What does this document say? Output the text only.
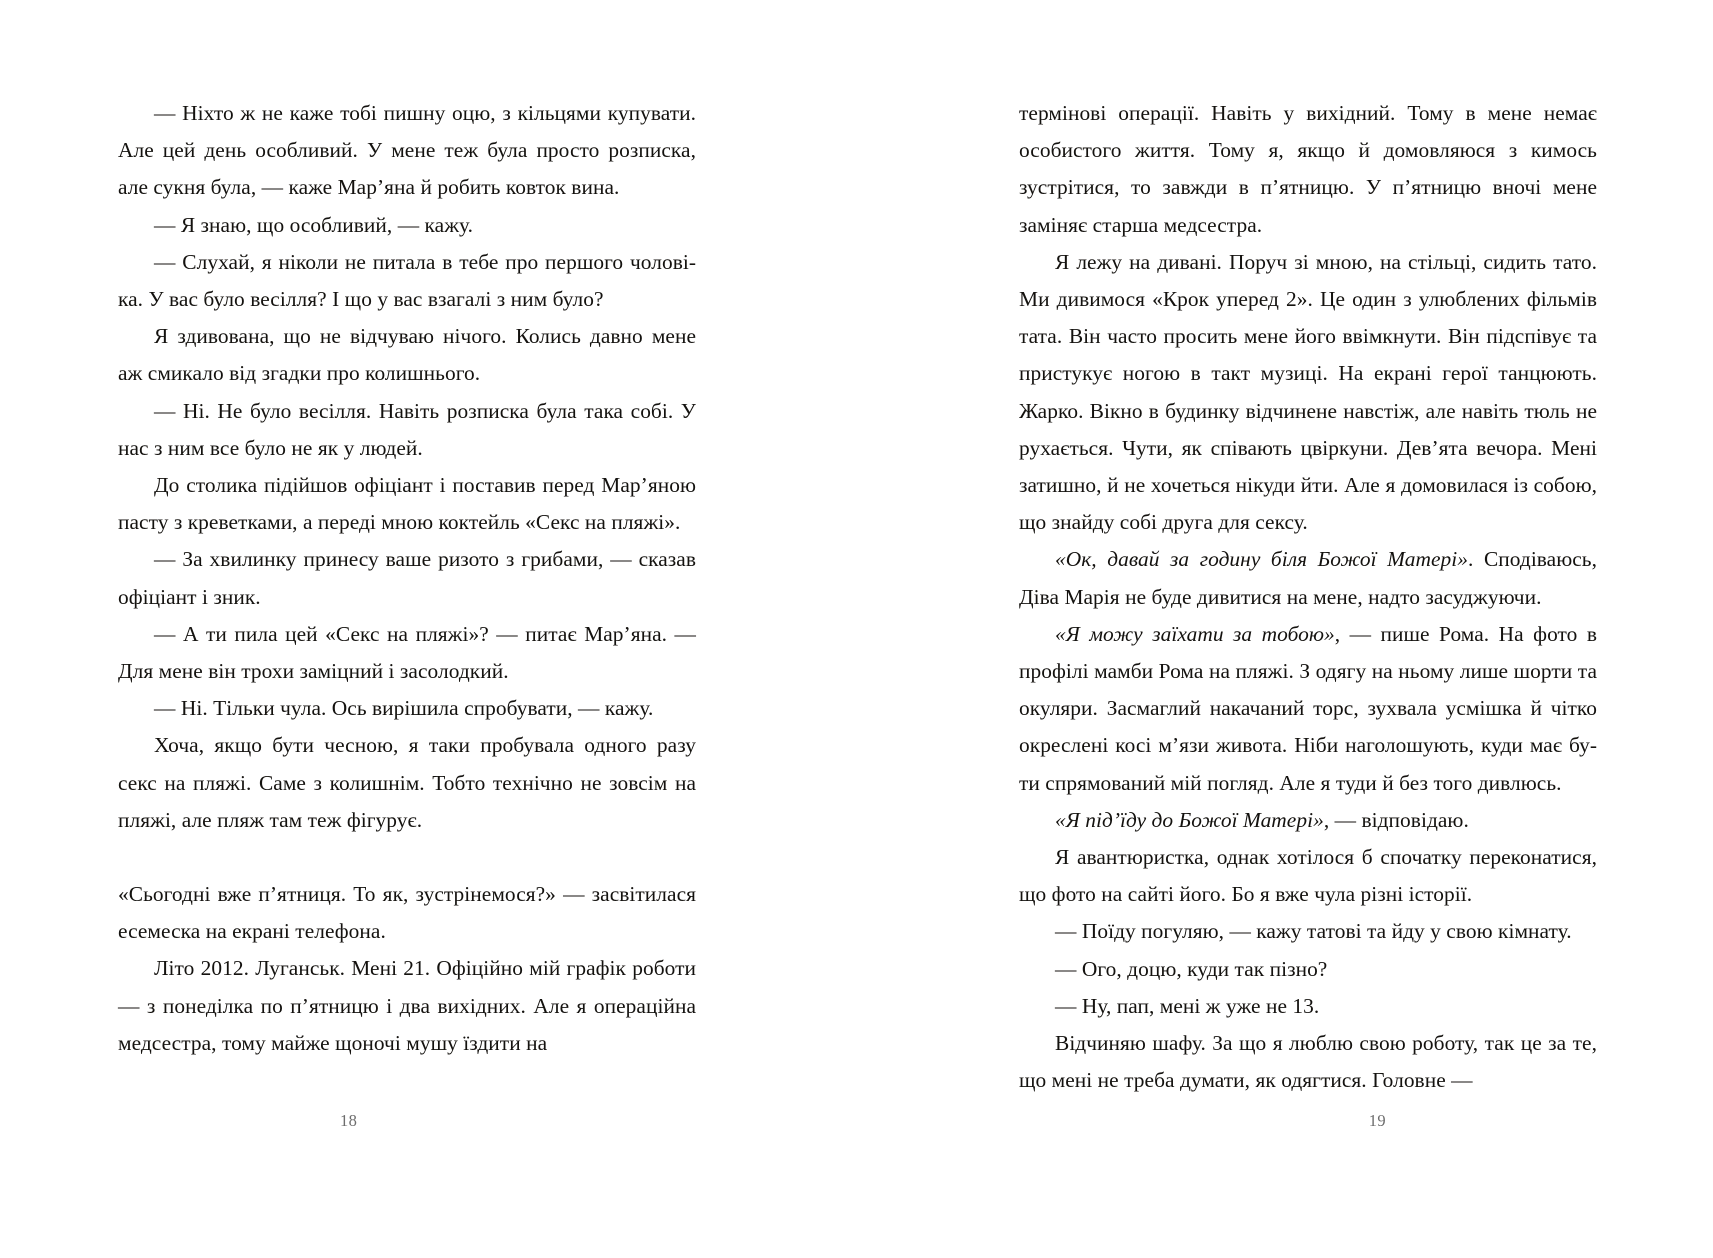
— Ніхто ж не каже тобі пишну оцю, з кільцями купувати. Але цей день особливий. У мене теж була просто розписка, але сукня була, — каже Мар’яна й робить ковток вина.

— Я знаю, що особливий, — кажу.

— Слухай, я ніколи не питала в тебе про першого чоловіка. У вас було весілля? І що у вас взагалі з ним було?

Я здивована, що не відчуваю нічого. Колись давно мене аж смикало від згадки про колишнього.

— Ні. Не було весілля. Навіть розписка була така собі. У нас з ним все було не як у людей.

До столика підійшов офіціант і поставив перед Мар’яною пасту з креветками, а переді мною коктейль «Секс на пляжі».

— За хвилинку принесу ваше ризото з грибами, — сказав офіціант і зник.

— А ти пила цей «Секс на пляжі»? — питає Мар’яна. — Для мене він трохи заміцний і засолодкий.

— Ні. Тільки чула. Ось вирішила спробувати, — кажу.

Хоча, якщо бути чесною, я таки пробувала одного разу секс на пляжі. Саме з колишнім. Тобто технічно не зовсім на пляжі, але пляж там теж фігурує.

«Сьогодні вже п’ятниця. То як, зустрінемося?» — засвітилася есемеска на екрані телефона.

Літо 2012. Луганськ. Мені 21. Офіційно мій графік роботи — з понеділка по п’ятницю і два вихідних. Але я операційна медсестра, тому майже щоночі мушу їздити на

18

термінові операції. Навіть у вихідний. Тому в мене немає особистого життя. Тому я, якщо й домовляюся з кимось зустрітися, то завжди в п’ятницю. У п’ятницю вночі мене заміняє старша медсестра.

Я лежу на дивані. Поруч зі мною, на стільці, сидить тато. Ми дивимося «Крок уперед 2». Це один з улюблених фільмів тата. Він часто просить мене його ввімкнути. Він підспівує та пристукує ногою в такт музиці. На екрані герої танцюють. Жарко. Вікно в будинку відчинене навстіж, але навіть тюль не рухається. Чути, як співають цвіркуни. Дев’ята вечора. Мені затишно, й не хочеться нікуди йти. Але я домовилася із собою, що знайду собі друга для сексу.

«Ок, давай за годину біля Божої Матері». Сподіваюсь, Діва Марія не буде дивитися на мене, надто засуджуючи.

«Я можу заїхати за тобою», — пише Рома. На фото в профілі мамби Рома на пляжі. З одягу на ньому лише шорти та окуляри. Засмаглий накачаний торс, зухвала усмішка й чітко окреслені косі м’язи живота. Ніби наголошують, куди має бути спрямований мій погляд. Але я туди й без того дивлюсь.

«Я під’їду до Божої Матері», — відповідаю.

Я авантюристка, однак хотілося б спочатку переконатися, що фото на сайті його. Бо я вже чула різні історії.

— Поїду погуляю, — кажу татові та йду у свою кімнату.

— Ого, доцю, куди так пізно?

— Ну, пап, мені ж уже не 13.

Відчиняю шафу. За що я люблю свою роботу, так це за те, що мені не треба думати, як одягтися. Головне —

19
